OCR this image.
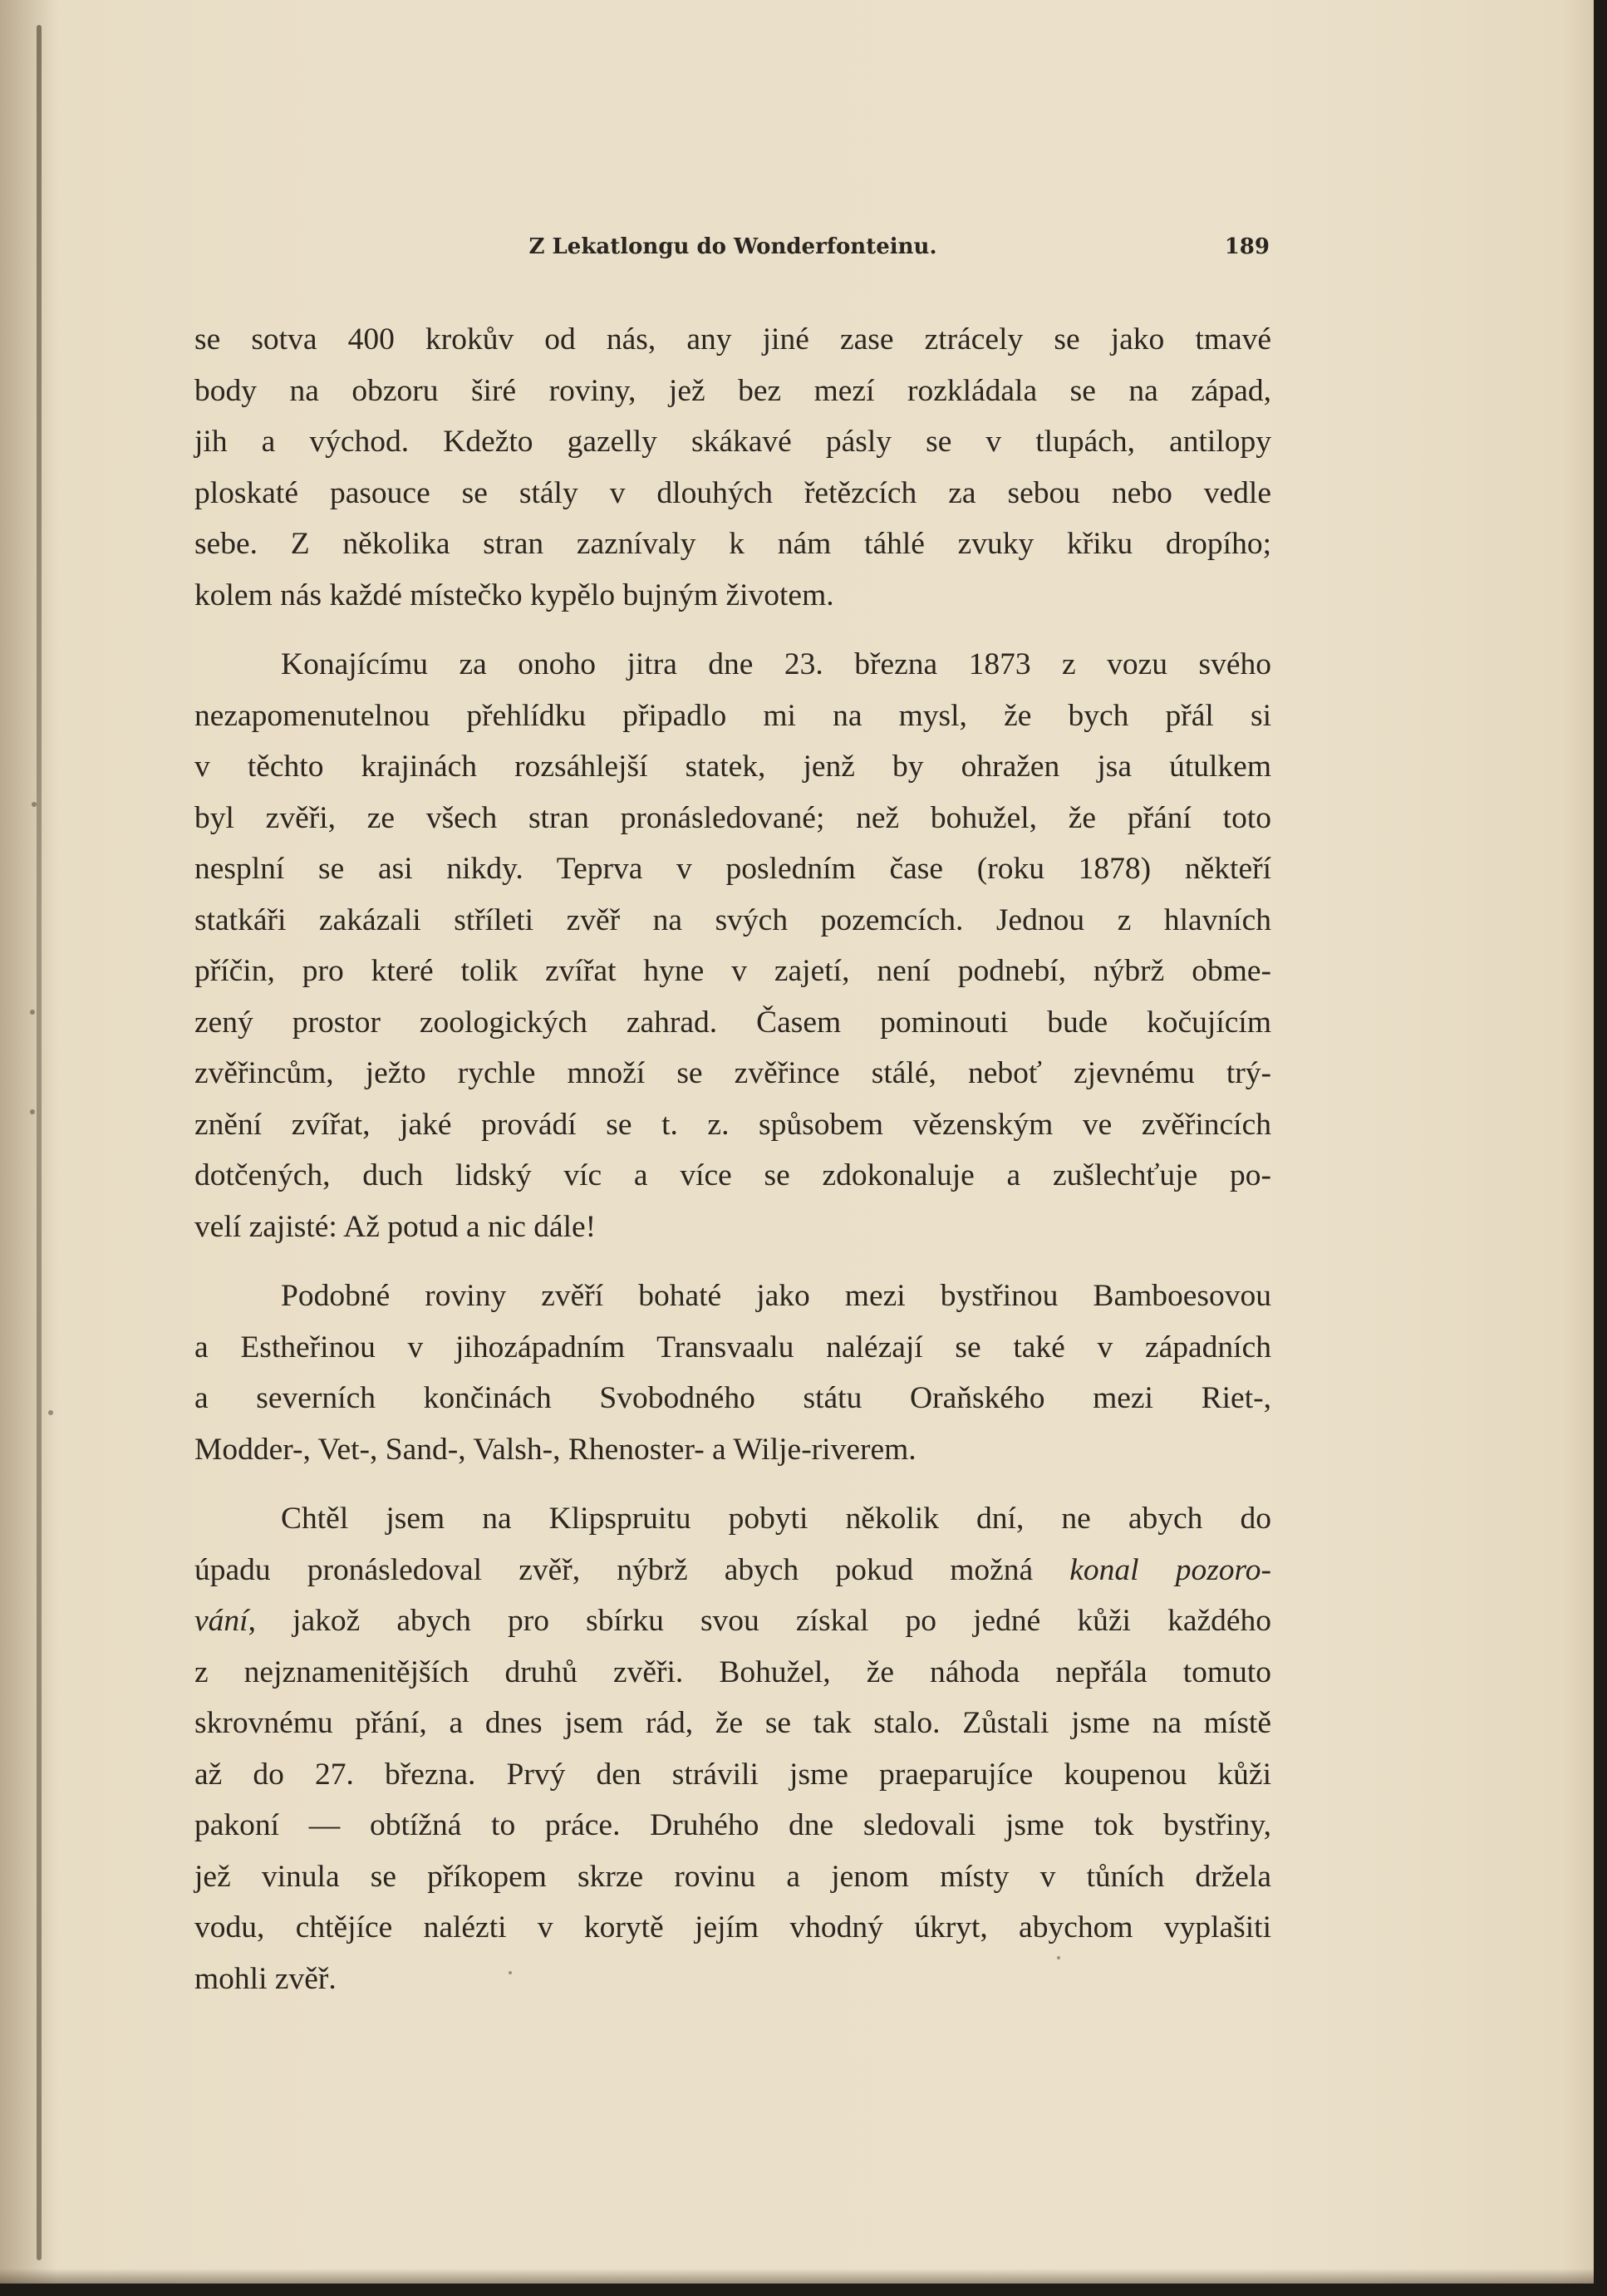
Z Lekatlongu do Wonderfonteinu.	189
se sotva 400 krokův od nás, any jiné zase ztrácely se jako tmavé
body na obzoru širé roviny, jež bez mezí rozkládala se na západ,
jih a východ. Kdežto gazelly skákavé pásly se v tlupách, antilopy
ploskaté pasouce se stály v dlouhých řetězcích za sebou nebo vedle
sebe. Z několika stran zaznívaly k nám táhlé zvuky křiku dropího;
kolem nás každé místečko kypělo bujným životem.
Konajícímu za onoho jitra dne 23. března 1873 z vozu svého
nezapomenutelnou přehlídku připadlo mi na mysl, že bych přál si
v těchto krajinách rozsáhlejší statek, jenž by ohražen jsa útulkem
byl zvěři, ze všech stran pronásledované; než bohužel, že přání toto
nesplní se asi nikdy. Teprva v posledním čase (roku 1878) někteří
statkáři zakázali stříleti zvěř na svých pozemcích. Jednou z hlavních
příčin, pro které tolik zvířat hyne v zajetí, není podnebí, nýbrž obme-
zený prostor zoologických zahrad. Časem pominouti bude kočujícím
zvěřincům, ježto rychle množí se zvěřince stálé, neboť zjevnému trý-
znění zvířat, jaké provádí se t. z. spůsobem vězenským ve zvěřincích
dotčených, duch lidský víc a více se zdokonaluje a zušlechťuje po-
velí zajisté: Až potud a nic dále!
Podobné roviny zvěří bohaté jako mezi bystřinou Bamboesovou
a Estheřinou v jihozápadním Transvaalu nalézají se také v západních
a severních končinách Svobodného státu Oraňského mezi Riet-,
Modder-, Vet-, Sand-, Valsh-, Rhenoster- a Wilje-riverem.
Chtěl jsem na Klipspruitu pobyti několik dní, ne abych do
úpadu pronásledoval zvěř, nýbrž abych pokud možná konal pozoro-
vání, jakož abych pro sbírku svou získal po jedné kůži každého
z nejznamenitějších druhů zvěři. Bohužel, že náhoda nepřála tomuto
skrovnému přání, a dnes jsem rád, že se tak stalo. Zůstali jsme na místě
až do 27. března. Prvý den strávili jsme praeparujíce koupenou kůži
pakoní — obtížná to práce. Druhého dne sledovali jsme tok bystřiny,
jež vinula se příkopem skrze rovinu a jenom místy v tůních držela
vodu, chtějíce nalézti v korytě jejím vhodný úkryt, abychom vyplašiti
mohli zvěř.
